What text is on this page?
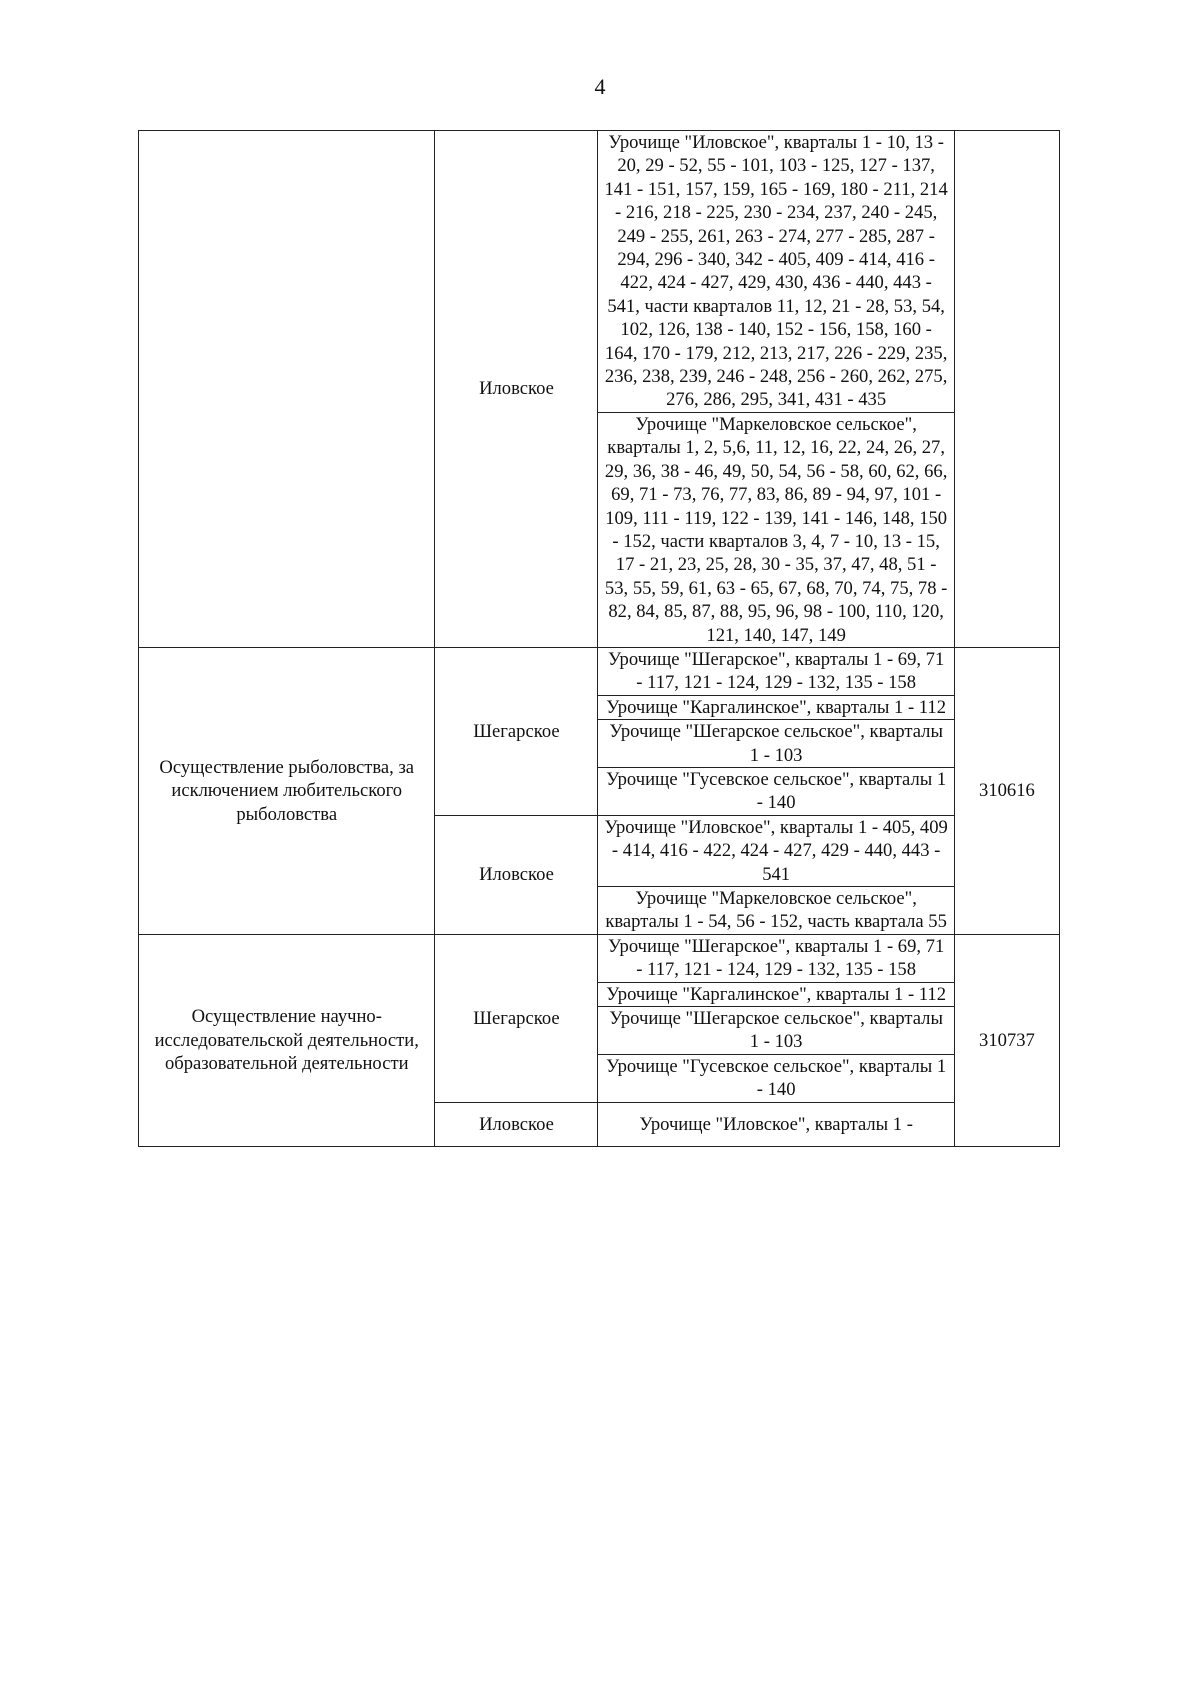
4
	Иловское	Урочище "Иловское", кварталы 1 - 10, 13 - 20, 29 - 52, 55 - 101, 103 - 125, 127 - 137, 141 - 151, 157, 159, 165 - 169, 180 - 211, 214 - 216, 218 - 225, 230 - 234, 237, 240 - 245, 249 - 255, 261, 263 - 274, 277 - 285, 287 - 294, 296 - 340, 342 - 405, 409 - 414, 416 - 422, 424 - 427, 429, 430, 436 - 440, 443 - 541, части кварталов 11, 12, 21 - 28, 53, 54, 102, 126, 138 - 140, 152 - 156, 158, 160 - 164, 170 - 179, 212, 213, 217, 226 - 229, 235, 236, 238, 239, 246 - 248, 256 - 260, 262, 275, 276, 286, 295, 341, 431 - 435	
		Урочище "Маркеловское сельское", кварталы 1, 2, 5,6, 11, 12, 16, 22, 24, 26, 27, 29, 36, 38 - 46, 49, 50, 54, 56 - 58, 60, 62, 66, 69, 71 - 73, 76, 77, 83, 86, 89 - 94, 97, 101 - 109, 111 - 119, 122 - 139, 141 - 146, 148, 150 - 152, части кварталов 3, 4, 7 - 10, 13 - 15, 17 - 21, 23, 25, 28, 30 - 35, 37, 47, 48, 51 - 53, 55, 59, 61, 63 - 65, 67, 68, 70, 74, 75, 78 - 82, 84, 85, 87, 88, 95, 96, 98 - 100, 110, 120, 121, 140, 147, 149	
Осуществление рыболовства, за исключением любительского рыболовства	Шегарское	Урочище "Шегарское", кварталы 1 - 69, 71 - 117, 121 - 124, 129 - 132, 135 - 158	310616
		Урочище "Каргалинское", кварталы 1 - 112	
		Урочище "Шегарское сельское", кварталы 1 - 103	
		Урочище "Гусевское сельское", кварталы 1 - 140	
	Иловское	Урочище "Иловское", кварталы 1 - 405, 409 - 414, 416 - 422, 424 - 427, 429 - 440, 443 - 541	
		Урочище "Маркеловское сельское", кварталы 1 - 54, 56 - 152, часть квартала 55	
Осуществление научно-исследовательской деятельности, образовательной деятельности	Шегарское	Урочище "Шегарское", кварталы 1 - 69, 71 - 117, 121 - 124, 129 - 132, 135 - 158	310737
		Урочище "Каргалинское", кварталы 1 - 112	
		Урочище "Шегарское сельское", кварталы 1 - 103	
		Урочище "Гусевское сельское", кварталы 1 - 140	
	Иловское	Урочище "Иловское", кварталы 1 -	
